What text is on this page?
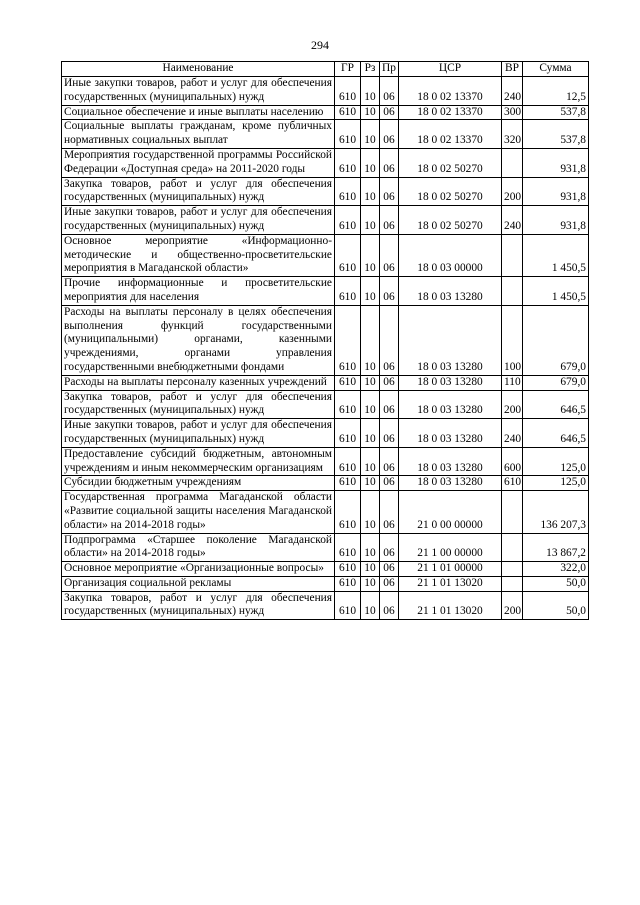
294
Наименование	ГР	Рз	Пр	ЦСР	ВР	Сумма
Иные закупки товаров, работ и услуг для обеспечения государственных (муниципальных) нужд	610	10	06	18 0 02 13370	240	12,5
Социальное обеспечение и иные выплаты населению	610	10	06	18 0 02 13370	300	537,8
Социальные выплаты гражданам, кроме публичных нормативных социальных выплат	610	10	06	18 0 02 13370	320	537,8
Мероприятия государственной программы Российской Федерации «Доступная среда» на 2011-2020 годы	610	10	06	18 0 02 50270		931,8
Закупка товаров, работ и услуг для обеспечения государственных (муниципальных) нужд	610	10	06	18 0 02 50270	200	931,8
Иные закупки товаров, работ и услуг для обеспечения государственных (муниципальных) нужд	610	10	06	18 0 02 50270	240	931,8
Основное мероприятие «Информационно-методические и общественно-просветительские мероприятия в Магаданской области»	610	10	06	18 0 03 00000		1 450,5
Прочие информационные и просветительские мероприятия для населения	610	10	06	18 0 03 13280		1 450,5
Расходы на выплаты персоналу в целях обеспечения выполнения функций государственными (муниципальными) органами, казенными учреждениями, органами управления государственными внебюджетными фондами	610	10	06	18 0 03 13280	100	679,0
Расходы на выплаты персоналу казенных учреждений	610	10	06	18 0 03 13280	110	679,0
Закупка товаров, работ и услуг для обеспечения государственных (муниципальных) нужд	610	10	06	18 0 03 13280	200	646,5
Иные закупки товаров, работ и услуг для обеспечения государственных (муниципальных) нужд	610	10	06	18 0 03 13280	240	646,5
Предоставление субсидий бюджетным, автономным учреждениям и иным некоммерческим организациям	610	10	06	18 0 03 13280	600	125,0
Субсидии бюджетным учреждениям	610	10	06	18 0 03 13280	610	125,0
Государственная программа Магаданской области «Развитие социальной защиты населения Магаданской области» на 2014-2018 годы»	610	10	06	21 0 00 00000		136 207,3
Подпрограмма «Старшее поколение Магаданской области» на 2014-2018 годы»	610	10	06	21 1 00 00000		13 867,2
Основное мероприятие «Организационные вопросы»	610	10	06	21 1 01 00000		322,0
Организация социальной рекламы	610	10	06	21 1 01 13020		50,0
Закупка товаров, работ и услуг для обеспечения государственных (муниципальных) нужд	610	10	06	21 1 01 13020	200	50,0
